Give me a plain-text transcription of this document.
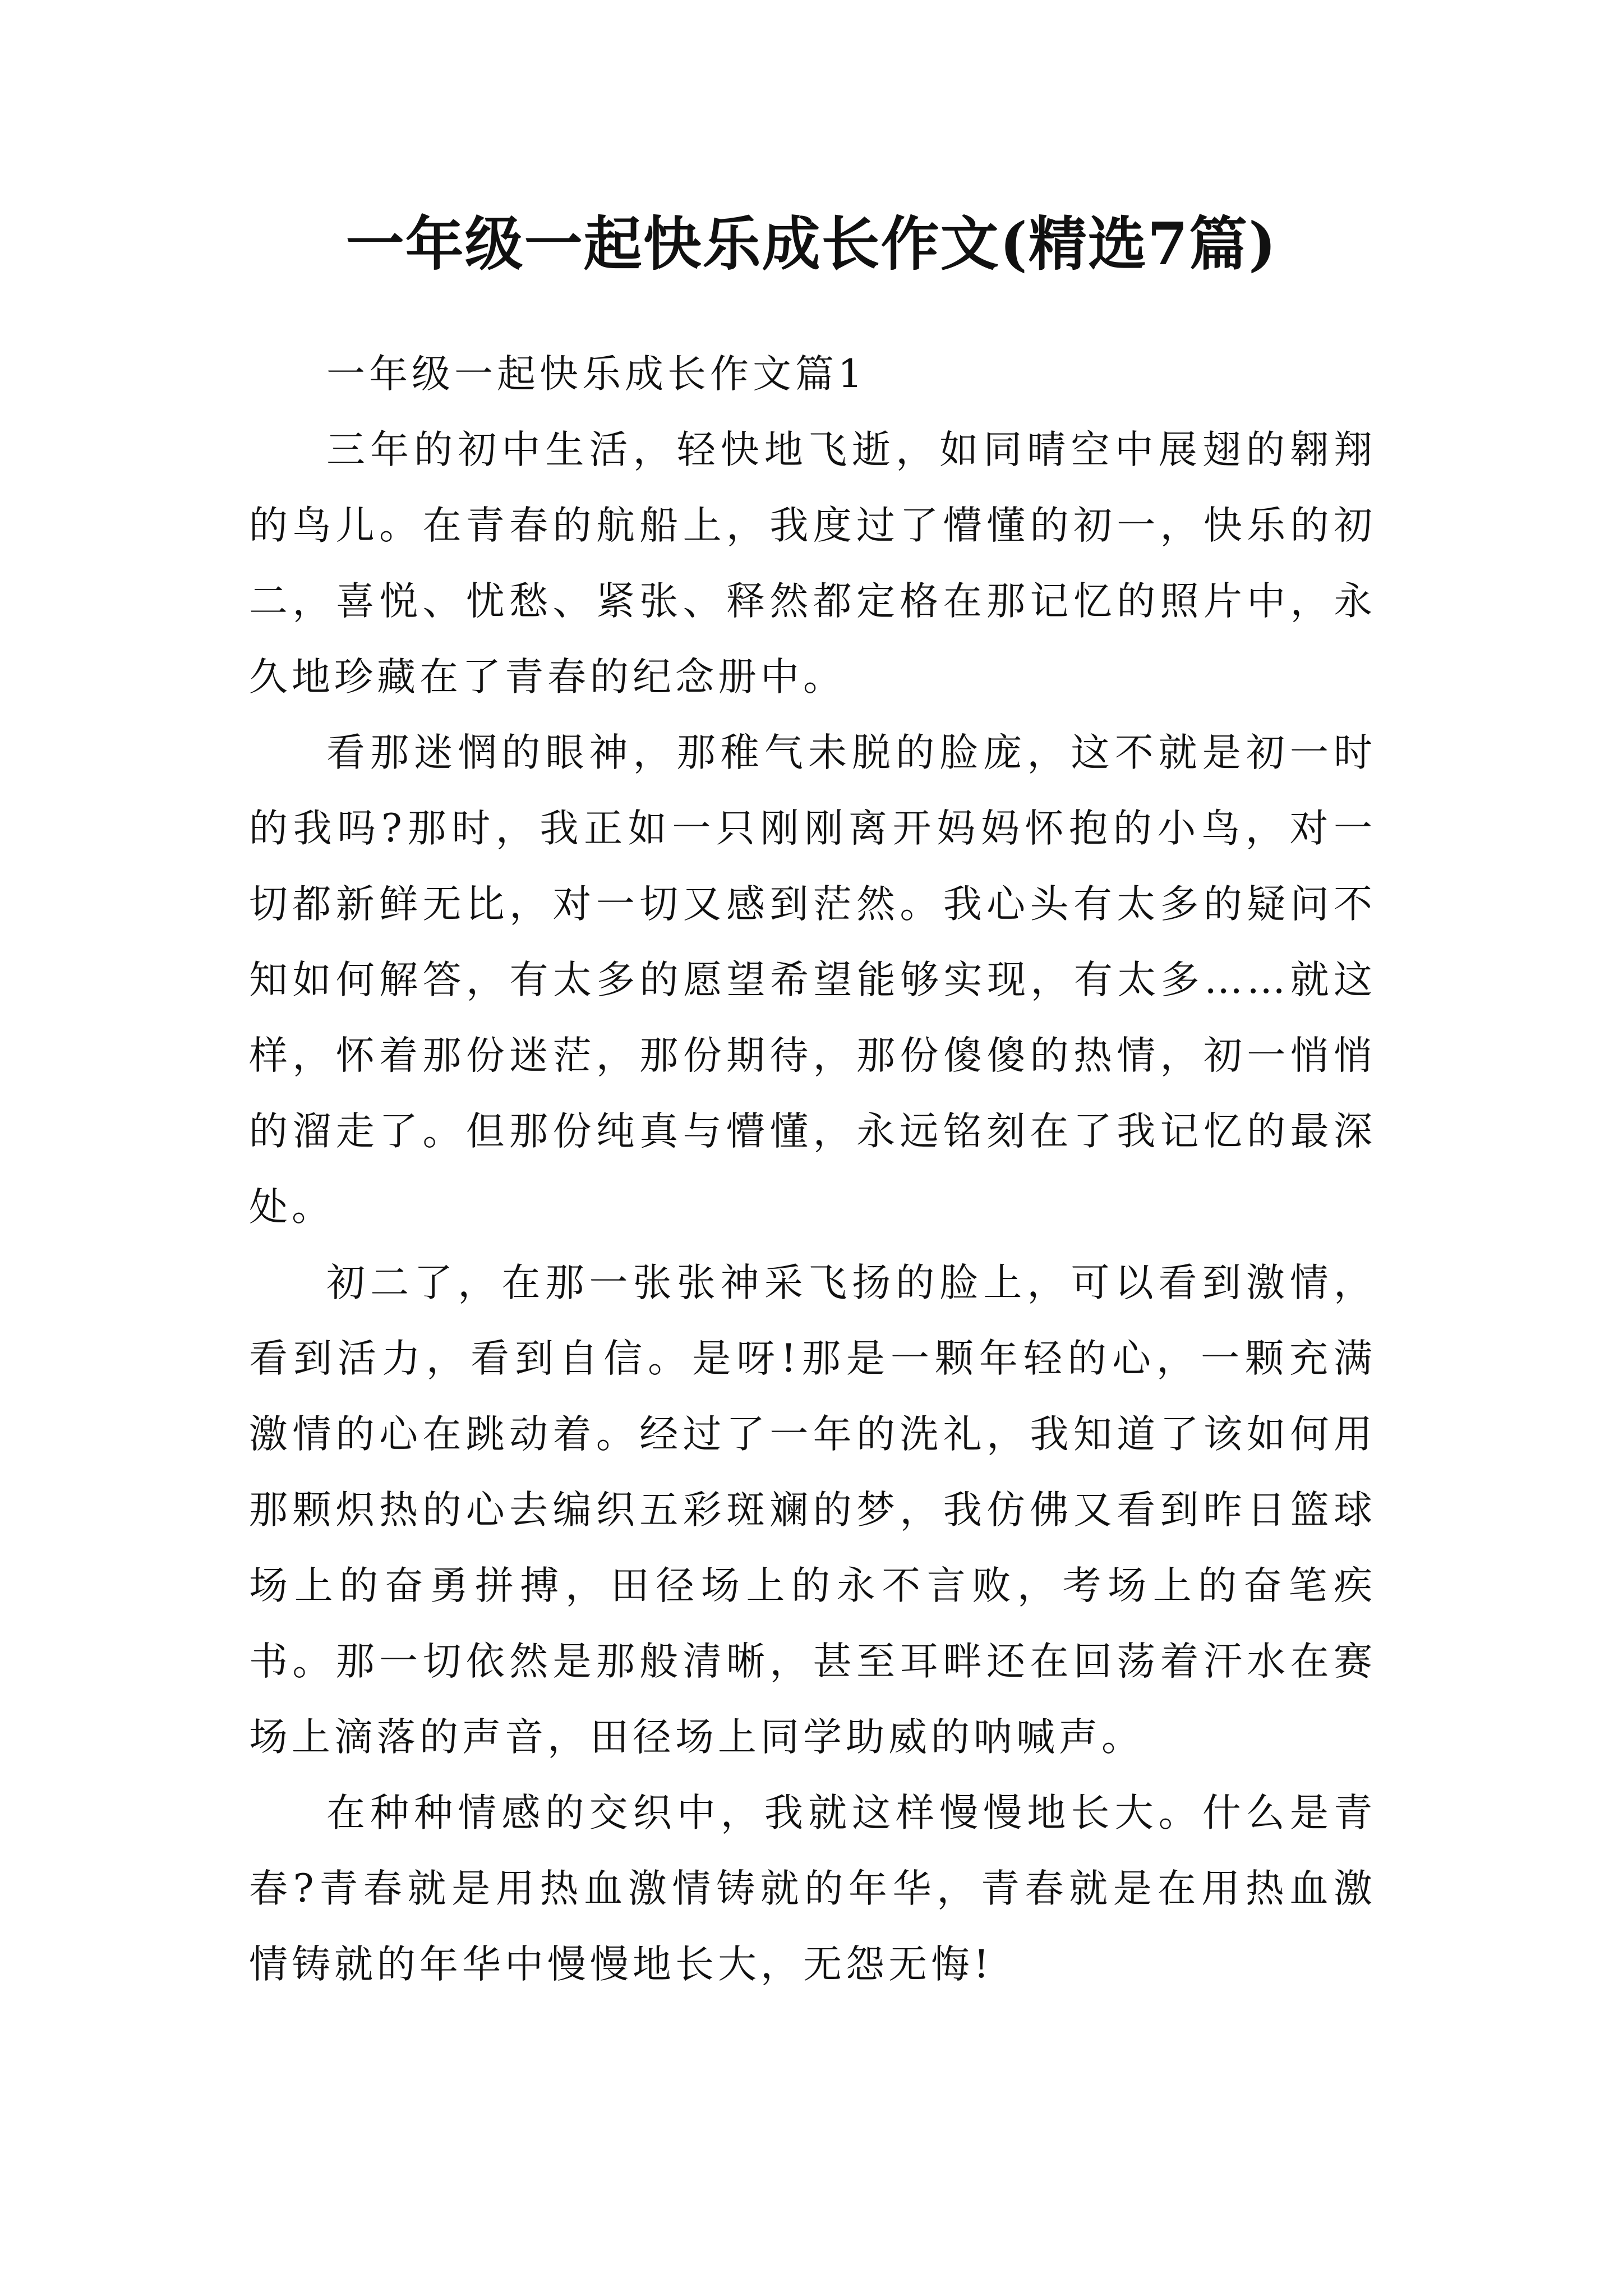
一年级一起快乐成长作文(精选7篇)

一年级一起快乐成长作文篇1

三年的初中生活，轻快地飞逝，如同晴空中展翅的翱翔的鸟儿。在青春的航船上，我度过了懵懂的初一，快乐的初二，喜悦、忧愁、紧张、释然都定格在那记忆的照片中，永久地珍藏在了青春的纪念册中。

看那迷惘的眼神，那稚气未脱的脸庞，这不就是初一时的我吗?那时，我正如一只刚刚离开妈妈怀抱的小鸟，对一切都新鲜无比，对一切又感到茫然。我心头有太多的疑问不知如何解答，有太多的愿望希望能够实现，有太多……就这样，怀着那份迷茫，那份期待，那份傻傻的热情，初一悄悄的溜走了。但那份纯真与懵懂，永远铭刻在了我记忆的最深处。

初二了，在那一张张神采飞扬的脸上，可以看到激情，看到活力，看到自信。是呀!那是一颗年轻的心，一颗充满激情的心在跳动着。经过了一年的洗礼，我知道了该如何用那颗炽热的心去编织五彩斑斓的梦，我仿佛又看到昨日篮球场上的奋勇拼搏，田径场上的永不言败，考场上的奋笔疾书。那一切依然是那般清晰，甚至耳畔还在回荡着汗水在赛场上滴落的声音，田径场上同学助威的呐喊声。

在种种情感的交织中，我就这样慢慢地长大。什么是青春?青春就是用热血激情铸就的年华，青春就是在用热血激情铸就的年华中慢慢地长大，无怨无悔!
